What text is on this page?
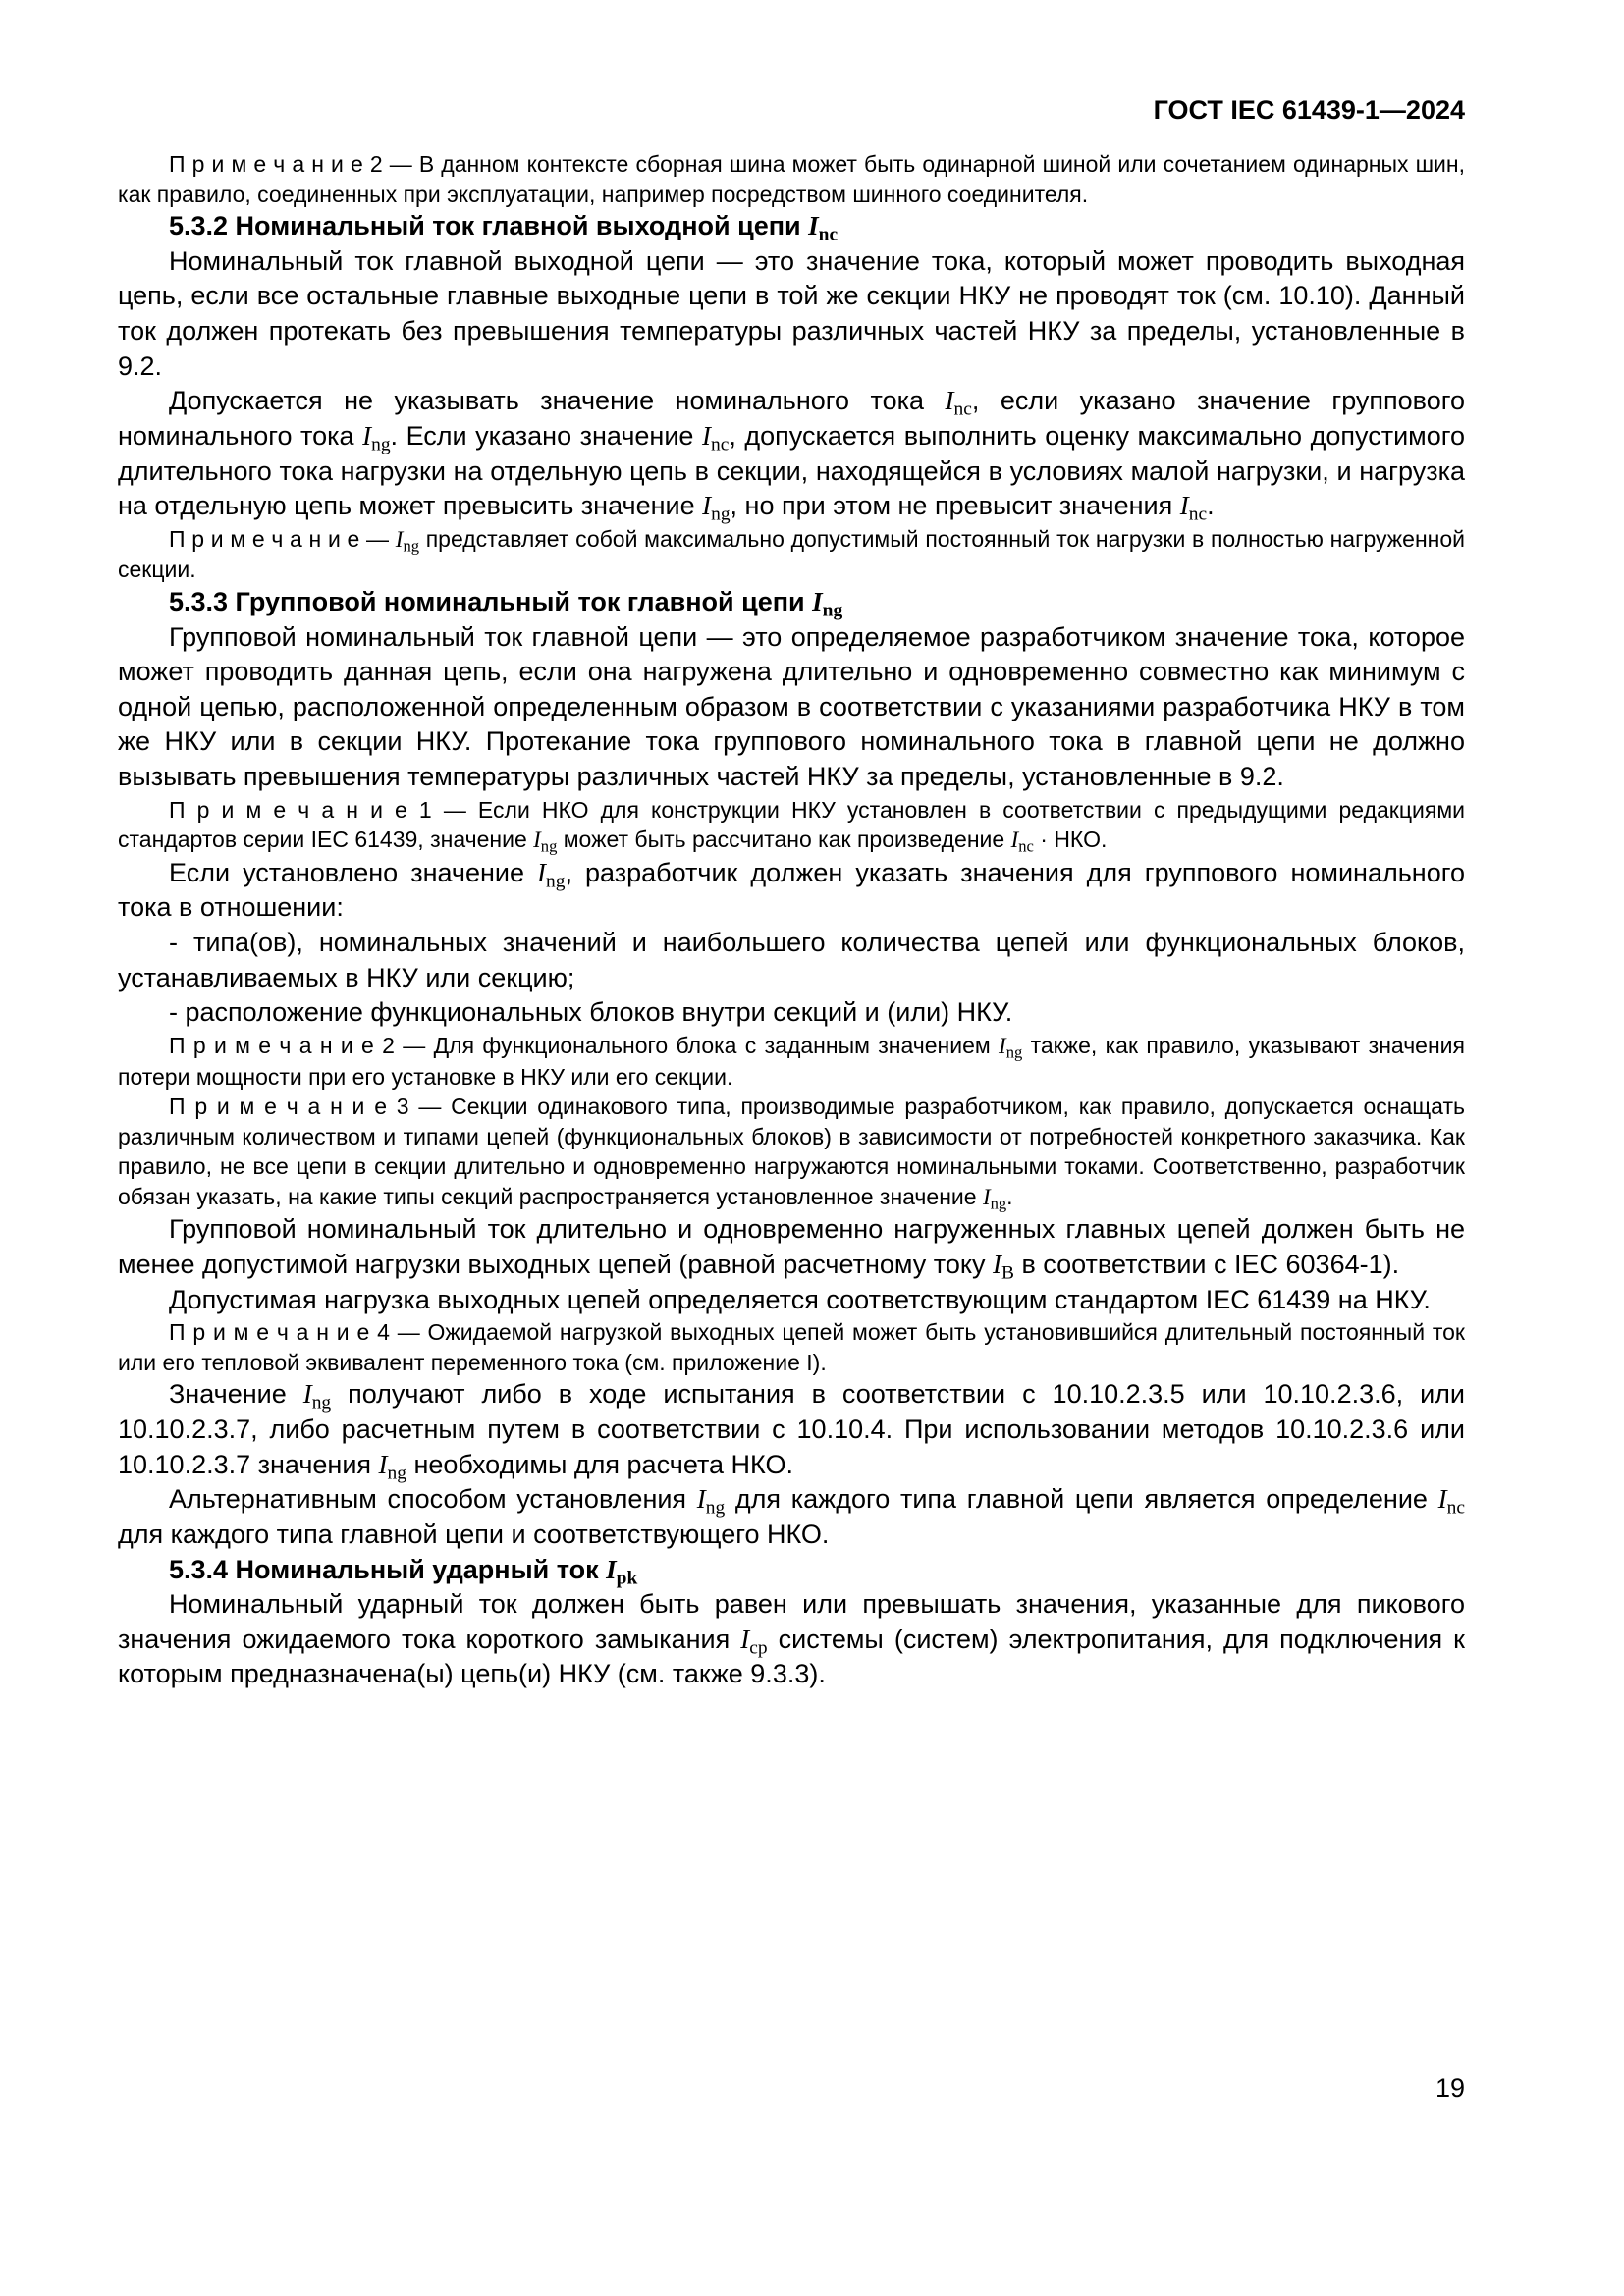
ГОСТ IEC 61439-1—2024

П р и м е ч а н и е 2 — В данном контексте сборная шина может быть одинарной шиной или сочетанием одинарных шин, как правило, соединенных при эксплуатации, например посредством шинного соединителя.

5.3.2 Номинальный ток главной выходной цепи $I_{nc}$

Номинальный ток главной выходной цепи — это значение тока, который может проводить выходная цепь, если все остальные главные выходные цепи в той же секции НКУ не проводят ток (см. 10.10). Данный ток должен протекать без превышения температуры различных частей НКУ за пределы, установленные в 9.2.

Допускается не указывать значение номинального тока $I_{nc}$, если указано значение группового номинального тока $I_{ng}$. Если указано значение $I_{nc}$, допускается выполнить оценку максимально допустимого длительного тока нагрузки на отдельную цепь в секции, находящейся в условиях малой нагрузки, и нагрузка на отдельную цепь может превысить значение $I_{ng}$, но при этом не превысит значения $I_{nc}$.

П р и м е ч а н и е — $I_{ng}$ представляет собой максимально допустимый постоянный ток нагрузки в полностью нагруженной секции.

5.3.3 Групповой номинальный ток главной цепи $I_{ng}$

Групповой номинальный ток главной цепи — это определяемое разработчиком значение тока, которое может проводить данная цепь, если она нагружена длительно и одновременно совместно как минимум с одной цепью, расположенной определенным образом в соответствии с указаниями разработчика НКУ в том же НКУ или в секции НКУ. Протекание тока группового номинального тока в главной цепи не должно вызывать превышения температуры различных частей НКУ за пределы, установленные в 9.2.

П р и м е ч а н и е 1 — Если НКО для конструкции НКУ установлен в соответствии с предыдущими редакциями стандартов серии IEC 61439, значение $I_{ng}$ может быть рассчитано как произведение $I_{nc}$ · НКО.

Если установлено значение $I_{ng}$, разработчик должен указать значения для группового номинального тока в отношении:

- типа(ов), номинальных значений и наибольшего количества цепей или функциональных блоков, устанавливаемых в НКУ или секцию;

- расположение функциональных блоков внутри секций и (или) НКУ.

П р и м е ч а н и е 2 — Для функционального блока с заданным значением $I_{ng}$ также, как правило, указывают значения потери мощности при его установке в НКУ или его секции.

П р и м е ч а н и е 3 — Секции одинакового типа, производимые разработчиком, как правило, допускается оснащать различным количеством и типами цепей (функциональных блоков) в зависимости от потребностей конкретного заказчика. Как правило, не все цепи в секции длительно и одновременно нагружаются номинальными токами. Соответственно, разработчик обязан указать, на какие типы секций распространяется установленное значение $I_{ng}$.

Групповой номинальный ток длительно и одновременно нагруженных главных цепей должен быть не менее допустимой нагрузки выходных цепей (равной расчетному току $I_B$ в соответствии с IEC 60364-1).

Допустимая нагрузка выходных цепей определяется соответствующим стандартом IEC 61439 на НКУ.

П р и м е ч а н и е 4 — Ожидаемой нагрузкой выходных цепей может быть установившийся длительный постоянный ток или его тепловой эквивалент переменного тока (см. приложение I).

Значение $I_{ng}$ получают либо в ходе испытания в соответствии с 10.10.2.3.5 или 10.10.2.3.6, или 10.10.2.3.7, либо расчетным путем в соответствии с 10.10.4. При использовании методов 10.10.2.3.6 или 10.10.2.3.7 значения $I_{ng}$ необходимы для расчета НКО.

Альтернативным способом установления $I_{ng}$ для каждого типа главной цепи является определение $I_{nc}$ для каждого типа главной цепи и соответствующего НКО.

5.3.4 Номинальный ударный ток $I_{pk}$

Номинальный ударный ток должен быть равен или превышать значения, указанные для пикового значения ожидаемого тока короткого замыкания $I_{cp}$ системы (систем) электропитания, для подключения к которым предназначена(ы) цепь(и) НКУ (см. также 9.3.3).

19
